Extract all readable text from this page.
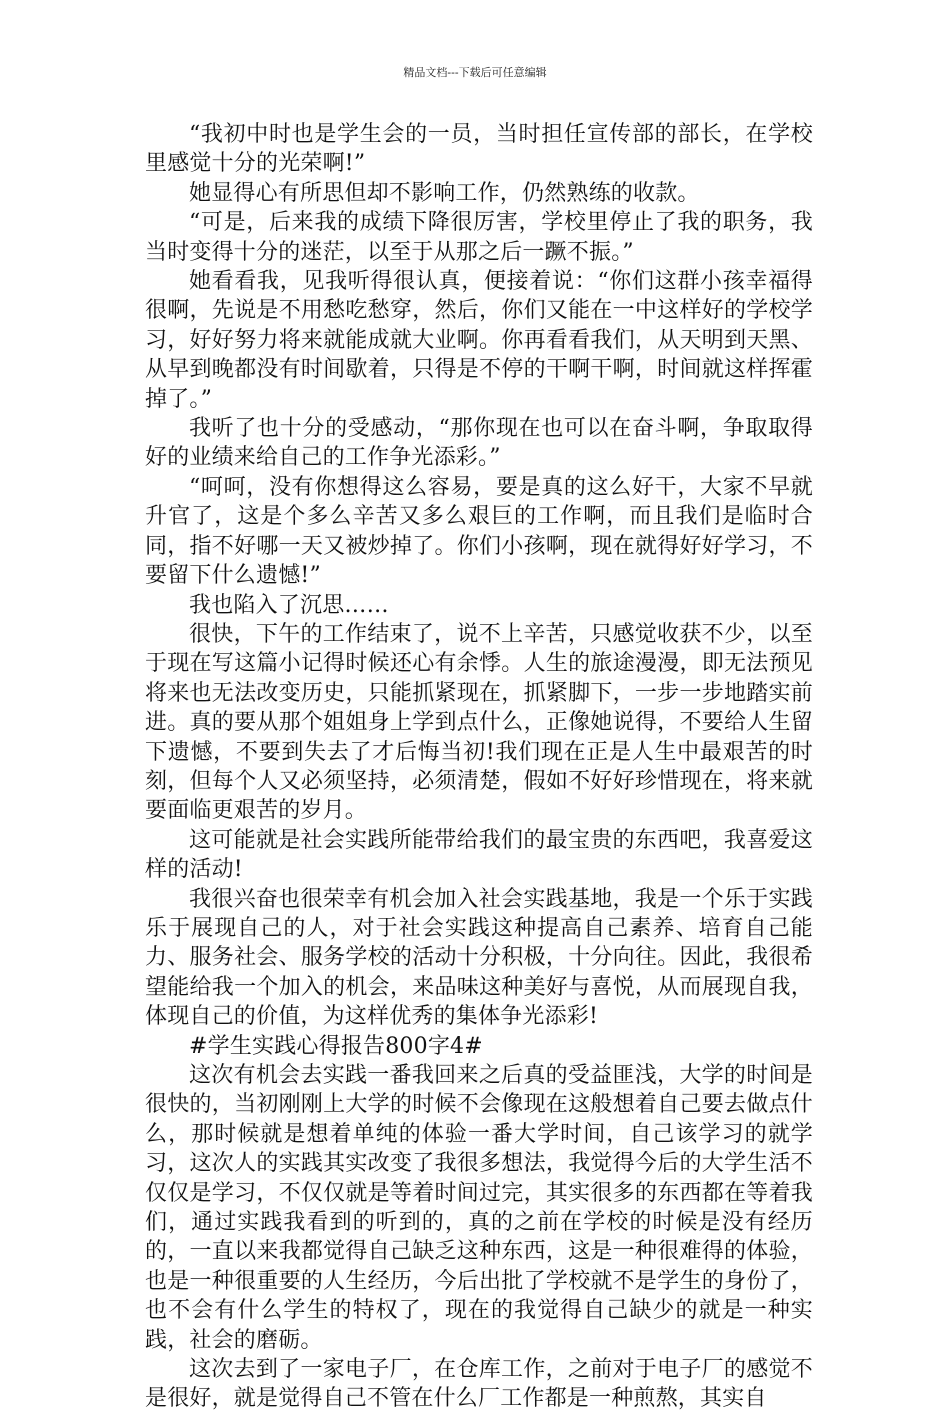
精品文档---下载后可任意编辑

“我初中时也是学生会的一员，当时担任宣传部的部长，在学校里感觉十分的光荣啊!”

她显得心有所思但却不影响工作，仍然熟练的收款。

“可是，后来我的成绩下降很厉害，学校里停止了我的职务，我当时变得十分的迷茫，以至于从那之后一蹶不振。”

她看看我，见我听得很认真，便接着说：“你们这群小孩幸福得很啊，先说是不用愁吃愁穿，然后，你们又能在一中这样好的学校学习，好好努力将来就能成就大业啊。你再看看我们，从天明到天黑、从早到晚都没有时间歇着，只得是不停的干啊干啊，时间就这样挥霍掉了。”

我听了也十分的受感动，“那你现在也可以在奋斗啊，争取取得好的业绩来给自己的工作争光添彩。”

“呵呵，没有你想得这么容易，要是真的这么好干，大家不早就升官了，这是个多么辛苦又多么艰巨的工作啊，而且我们是临时合同，指不好哪一天又被炒掉了。你们小孩啊，现在就得好好学习，不要留下什么遗憾!”

我也陷入了沉思……

很快，下午的工作结束了，说不上辛苦，只感觉收获不少，以至于现在写这篇小记得时候还心有余悸。人生的旅途漫漫，即无法预见将来也无法改变历史，只能抓紧现在，抓紧脚下，一步一步地踏实前进。真的要从那个姐姐身上学到点什么，正像她说得，不要给人生留下遗憾，不要到失去了才后悔当初!我们现在正是人生中最艰苦的时刻，但每个人又必须坚持，必须清楚，假如不好好珍惜现在，将来就要面临更艰苦的岁月。

这可能就是社会实践所能带给我们的最宝贵的东西吧，我喜爱这样的活动!

我很兴奋也很荣幸有机会加入社会实践基地，我是一个乐于实践乐于展现自己的人，对于社会实践这种提高自己素养、培育自己能力、服务社会、服务学校的活动十分积极，十分向往。因此，我很希望能给我一个加入的机会，来品味这种美好与喜悦，从而展现自我，体现自己的价值，为这样优秀的集体争光添彩!

#学生实践心得报告800字4#

这次有机会去实践一番我回来之后真的受益匪浅，大学的时间是很快的，当初刚刚上大学的时候不会像现在这般想着自己要去做点什么，那时候就是想着单纯的体验一番大学时间，自己该学习的就学习，这次人的实践其实改变了我很多想法，我觉得今后的大学生活不仅仅是学习，不仅仅就是等着时间过完，其实很多的东西都在等着我们，通过实践我看到的听到的，真的之前在学校的时候是没有经历的，一直以来我都觉得自己缺乏这种东西，这是一种很难得的体验，也是一种很重要的人生经历，今后出批了学校就不是学生的身份了，也不会有什么学生的特权了，现在的我觉得自己缺少的就是一种实践，社会的磨砺。

这次去到了一家电子厂，在仓库工作，之前对于电子厂的感觉不是很好，就是觉得自己不管在什么厂工作都是一种煎熬，其实自
